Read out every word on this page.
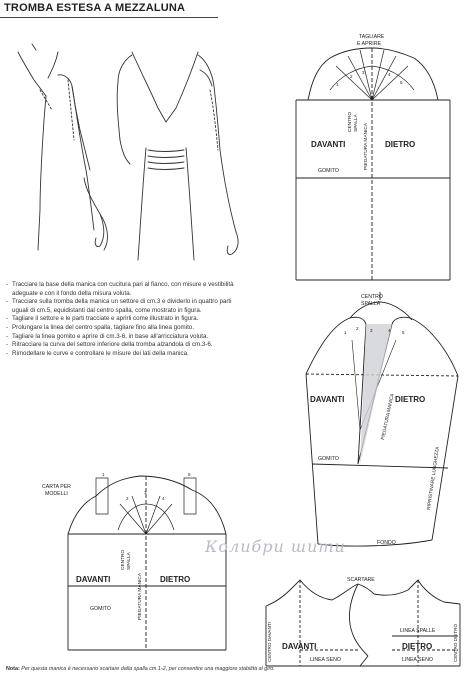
TROMBA ESTESA A MEZZALUNA
TAGLIARE
E APRIRE
DAVANTI	DIETRO
GOMITO
CENTRO SPALLA PIEGATURA MANICA
1
2
3	4
5
CENTRO
SPALLA
DAVANTI	DIETRO
GOMITO
FONDO
PIEGATURA MANICA
RIPRISTINARE LUNGHEZZA
1
2	3	4	5
CARTA PER
MODELLI
DAVANTI	DIETRO
GOMITO
CENTRO SPALLA
PIEGATURA MANICA
1
2
3
4
5
SCARTARE
DAVANTI	DIETRO
LINEA SPALLE
LINEA SENO	LINEA SENO
CENTRO DAVANTI	CENTRO DIETRO
- Tracciare la base della manica con cucitura pari al fianco, con misure e vestibilità adeguate e con il fondo della misura voluta.
- Tracciare sulla tromba della manica un settore di cm.3 e dividerlo in quattro parti uguali di cm.5, equidistanti dal centro spalla, come mostrato in figura.
- Tagliare il settore e le parti tracciate e aprirli come illustrato in figura.
- Prolungare la linea del centro spalla, tagliare fino alla linea gomito.
- Tagliare la linea gomito e aprire di cm.3-6, in base all'arricciatura voluta.
- Ritracciare la curva del settore inferiore della tromba alzandola di cm.3-6.
- Rimodellare le curve e controllare le misure dei lati della manica.
Колибри шити
Nota: Per questa manica è necessario scartare dalla spalla cm.1-2, per consentire una maggiore stabilità al giro.
